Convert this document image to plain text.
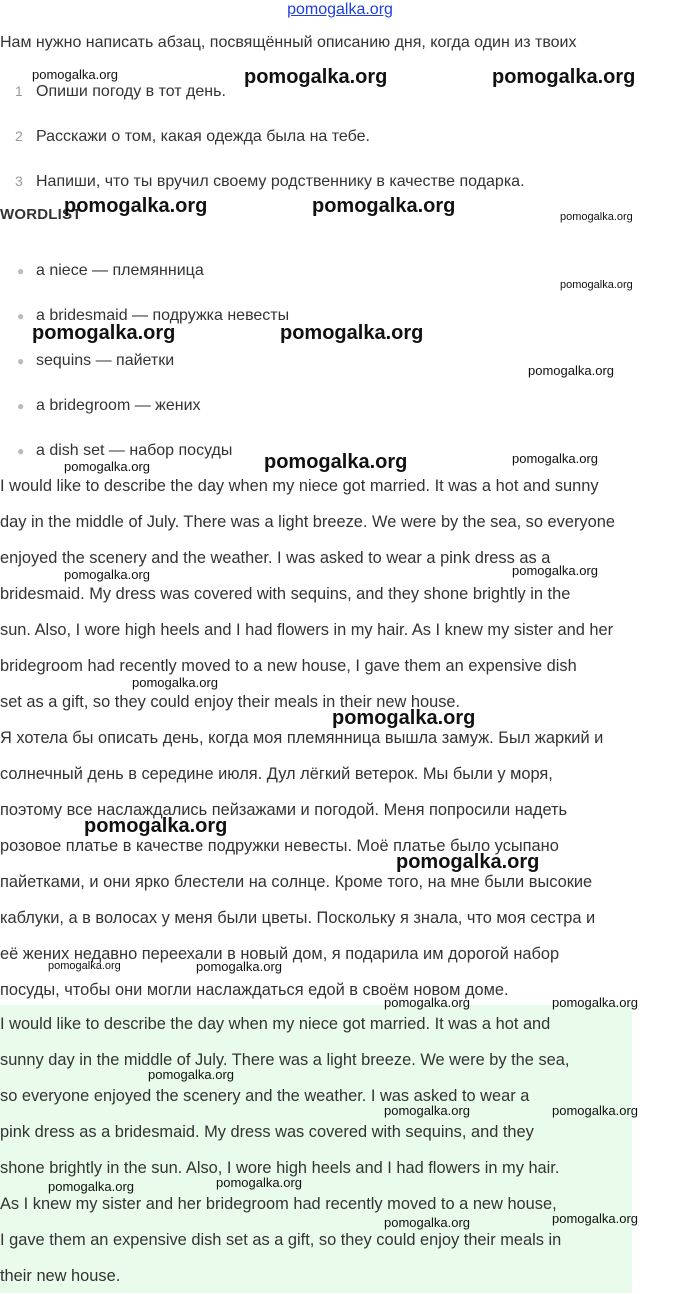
pomogalka.org
Нам нужно написать абзац, посвящённый описанию дня, когда один из твоих
1 Опиши погоду в тот день.
2 Расскажи о том, какая одежда была на тебе.
3 Напиши, что ты вручил своему родственнику в качестве подарка.
WORDLIST
● a niece — племянница
● a bridesmaid — подружка невесты
● sequins — пайетки
● a bridegroom — жених
● a dish set — набор посуды
I would like to describe the day when my niece got married. It was a hot and sunny
day in the middle of July. There was a light breeze. We were by the sea, so everyone
enjoyed the scenery and the weather. I was asked to wear a pink dress as a
bridesmaid. My dress was covered with sequins, and they shone brightly in the
sun. Also, I wore high heels and I had flowers in my hair. As I knew my sister and her
bridegroom had recently moved to a new house, I gave them an expensive dish
set as a gift, so they could enjoy their meals in their new house.
Я хотела бы описать день, когда моя племянница вышла замуж. Был жаркий и
солнечный день в середине июля. Дул лёгкий ветерок. Мы были у моря,
поэтому все наслаждались пейзажами и погодой. Меня попросили надеть
розовое платье в качестве подружки невесты. Моё платье было усыпано
пайетками, и они ярко блестели на солнце. Кроме того, на мне были высокие
каблуки, а в волосах у меня были цветы. Поскольку я знала, что моя сестра и
её жених недавно переехали в новый дом, я подарила им дорогой набор
посуды, чтобы они могли наслаждаться едой в своём новом доме.
I would like to describe the day when my niece got married. It was a hot and
sunny day in the middle of July. There was a light breeze. We were by the sea,
so everyone enjoyed the scenery and the weather. I was asked to wear a
pink dress as a bridesmaid. My dress was covered with sequins, and they
shone brightly in the sun. Also, I wore high heels and I had flowers in my hair.
As I knew my sister and her bridegroom had recently moved to a new house,
I gave them an expensive dish set as a gift, so they could enjoy their meals in
their new house.
pomogalka.org	pomogalka.org	pomogalka.org
pomogalka.org	pomogalka.org	pomogalka.org
pomogalka.org
pomogalka.org	pomogalka.org
pomogalka.org
pomogalka.org
pomogalka.org
pomogalka.org
pomogalka.org	pomogalka.org
pomogalka.org
pomogalka.org
pomogalka.org
pomogalka.org
pomogalka.org	pomogalka.org
pomogalka.org	pomogalka.org
pomogalka.org
pomogalka.org	pomogalka.org
pomogalka.org	pomogalka.org
pomogalka.org	pomogalka.org
